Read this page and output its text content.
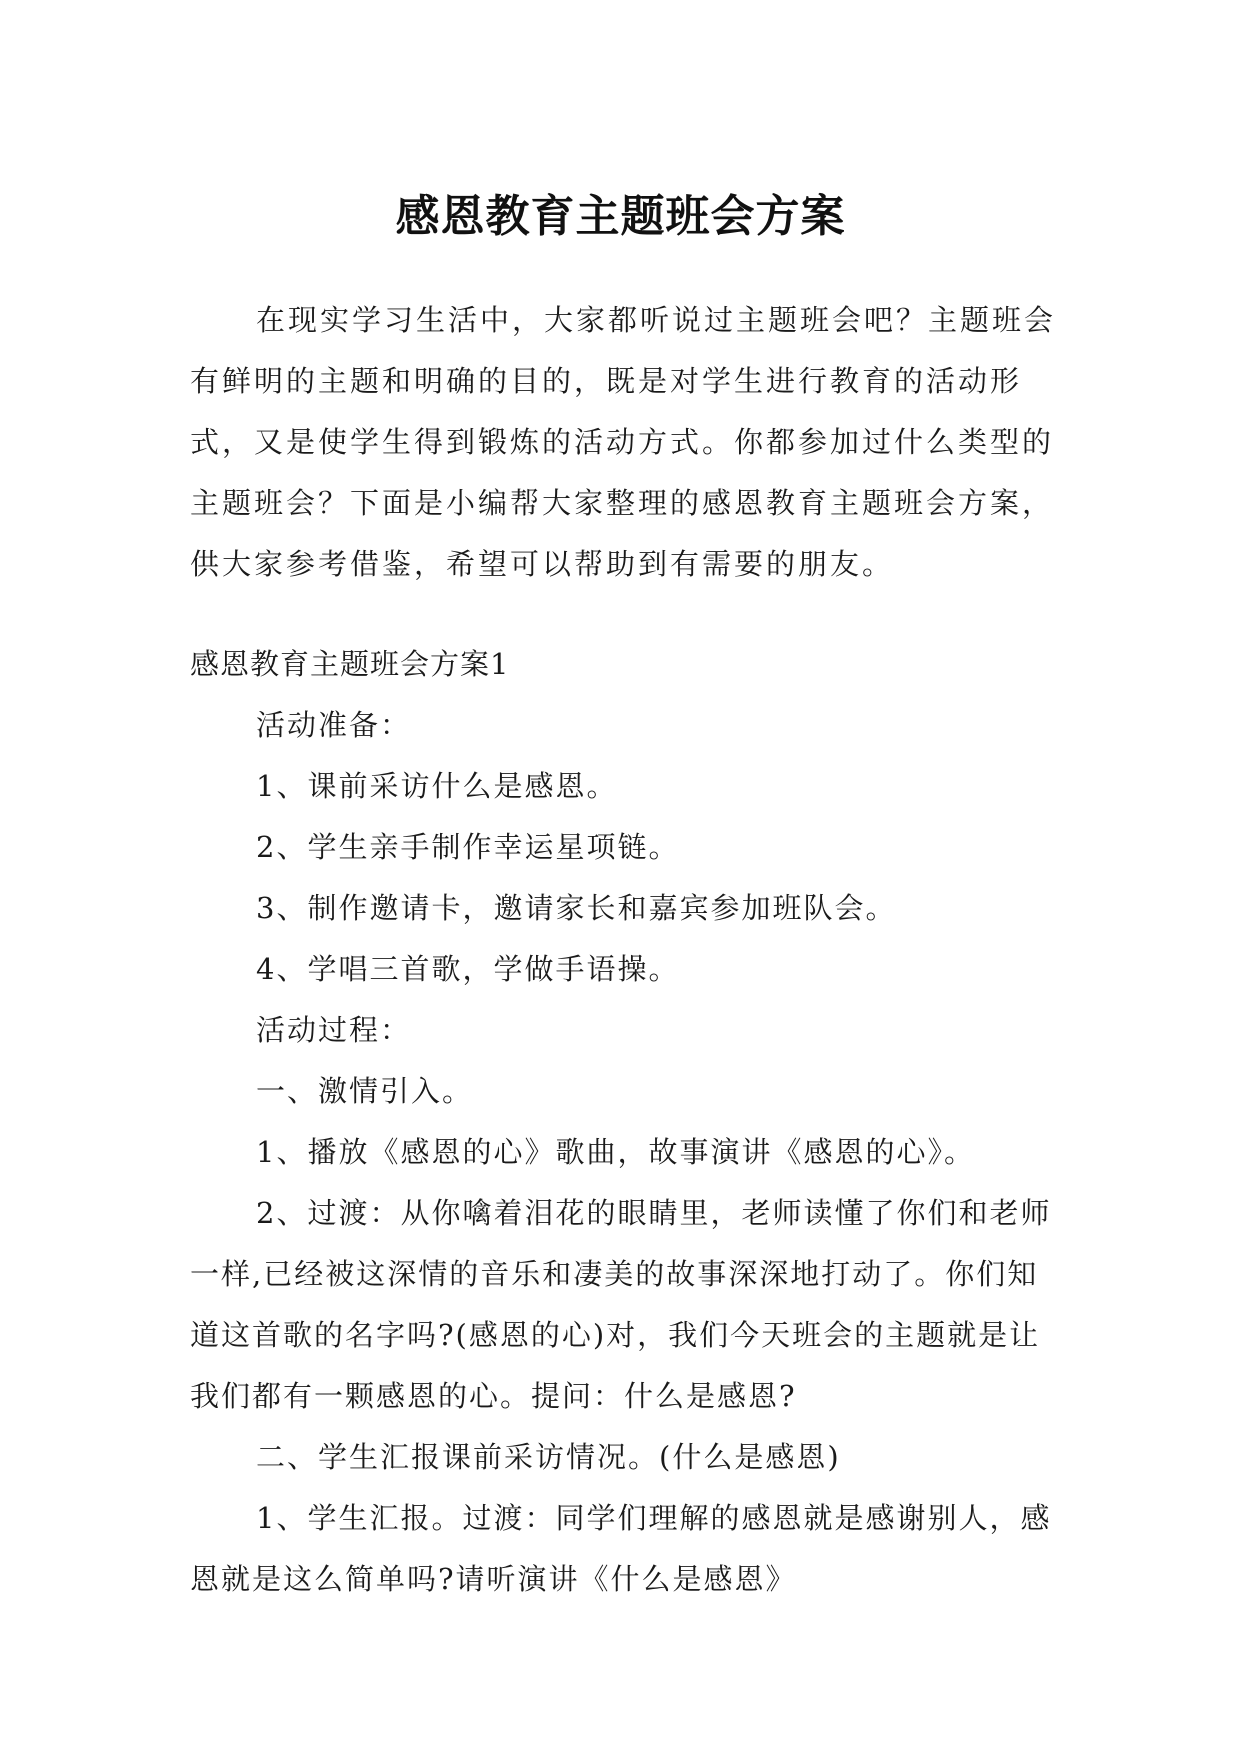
感恩教育主题班会方案

在现实学习生活中，大家都听说过主题班会吧？主题班会有鲜明的主题和明确的目的，既是对学生进行教育的活动形式，又是使学生得到锻炼的活动方式。你都参加过什么类型的主题班会？下面是小编帮大家整理的感恩教育主题班会方案，供大家参考借鉴，希望可以帮助到有需要的朋友。

感恩教育主题班会方案1

活动准备：

1、课前采访什么是感恩。

2、学生亲手制作幸运星项链。

3、制作邀请卡，邀请家长和嘉宾参加班队会。

4、学唱三首歌，学做手语操。

活动过程：

一、激情引入。

1、播放《感恩的心》歌曲，故事演讲《感恩的心》。

2、过渡：从你噙着泪花的眼睛里，老师读懂了你们和老师一样,已经被这深情的音乐和凄美的故事深深地打动了。你们知道这首歌的名字吗?(感恩的心)对，我们今天班会的主题就是让我们都有一颗感恩的心。提问：什么是感恩?

二、学生汇报课前采访情况。(什么是感恩)

1、学生汇报。过渡：同学们理解的感恩就是感谢别人，感恩就是这么简单吗?请听演讲《什么是感恩》
